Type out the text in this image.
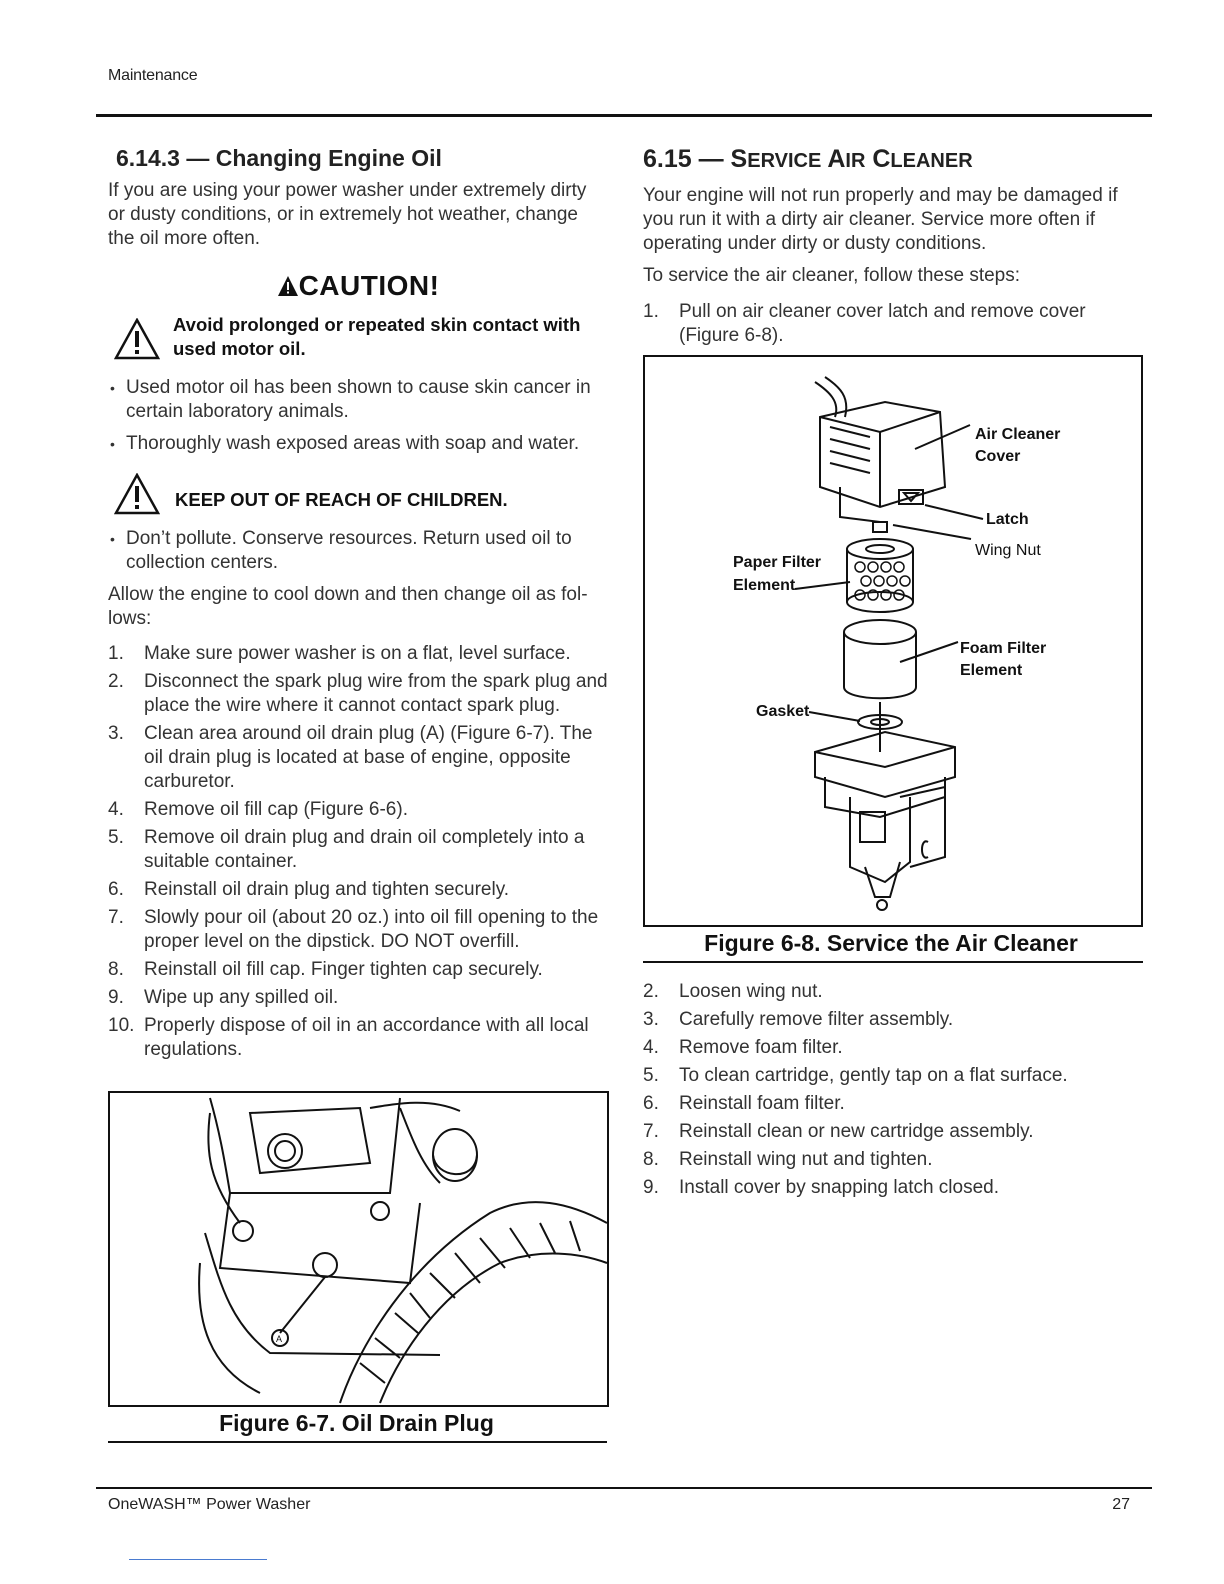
Maintenance
6.14.3 — Changing Engine Oil

If you are using your power washer under extremely dirty or dusty conditions, or in extremely hot weather, change the oil more often.

CAUTION!
Avoid prolonged or repeated skin contact with used motor oil.
• Used motor oil has been shown to cause skin cancer in certain laboratory animals.
• Thoroughly wash exposed areas with soap and water.
KEEP OUT OF REACH OF CHILDREN.
• Don’t pollute. Conserve resources. Return used oil to collection centers.

Allow the engine to cool down and then change oil as fol-lows:

1. Make sure power washer is on a flat, level surface.
2. Disconnect the spark plug wire from the spark plug and place the wire where it cannot contact spark plug.
3. Clean area around oil drain plug (A) (Figure 6-7). The oil drain plug is located at base of engine, opposite carburetor.
4. Remove oil fill cap (Figure 6-6).
5. Remove oil drain plug and drain oil completely into a suitable container.
6. Reinstall oil drain plug and tighten securely.
7. Slowly pour oil (about 20 oz.) into oil fill opening to the proper level on the dipstick. DO NOT overfill.
8. Reinstall oil fill cap. Finger tighten cap securely.
9. Wipe up any spilled oil.
10. Properly dispose of oil in an accordance with all local regulations.
A
Figure 6-7. Oil Drain Plug
6.15 — SERVICE AIR CLEANER

Your engine will not run properly and may be damaged if you run it with a dirty air cleaner. Service more often if operating under dirty or dusty conditions.

To service the air cleaner, follow these steps:

1. Pull on air cleaner cover latch and remove cover (Figure 6-8).
Air Cleaner
Cover
Latch
Paper Filter
Element
Foam Filter
Element
Gasket
Wing Nut
Figure 6-8. Service the Air Cleaner
2. Loosen wing nut.
3. Carefully remove filter assembly.
4. Remove foam filter.
5. To clean cartridge, gently tap on a flat surface.
6. Reinstall foam filter.
7. Reinstall clean or new cartridge assembly.
8. Reinstall wing nut and tighten.
9. Install cover by snapping latch closed.
OneWASH™ Power Washer	27
